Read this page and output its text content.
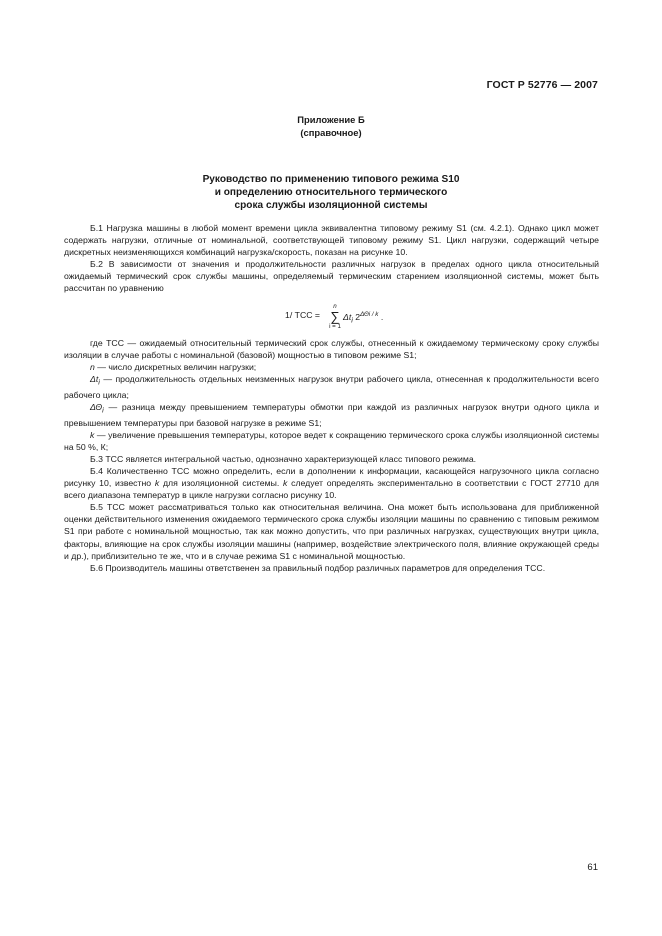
ГОСТ Р 52776 — 2007
Приложение Б
(справочное)
Руководство по применению типового режима S10
и определению относительного термического
срока службы изоляционной системы

Б.1 Нагрузка машины в любой момент времени цикла эквивалентна типовому режиму S1 (см. 4.2.1). Однако цикл может содержать нагрузки, отличные от номинальной, соответствующей типовому режиму S1. Цикл нагрузки, содержащий четыре дискретных неизменяющихся комбинаций нагрузка/скорость, показан на рисунке 10.

Б.2 В зависимости от значения и продолжительности различных нагрузок в пределах одного цикла относительный ожидаемый термический срок службы машины, определяемый термическим старением изоляционной системы, может быть рассчитан по уравнению

1/ ТСС =
n
∑
i = 1
$\Delta t_i$ $2^{\Delta\Theta i / k}$ .

где ТСС — ожидаемый относительный термический срок службы, отнесенный к ожидаемому термическому сроку службы изоляции в случае работы с номинальной (базовой) мощностью в типовом режиме S1;

n — число дискретных величин нагрузки;

$\Delta t_i$ — продолжительность отдельных неизменных нагрузок внутри рабочего цикла, отнесенная к продолжительности всего рабочего цикла;

$\Delta\Theta_i$ — разница между превышением температуры обмотки при каждой из различных нагрузок внутри одного цикла и превышением температуры при базовой нагрузке в режиме S1;

k — увеличение превышения температуры, которое ведет к сокращению термического срока службы изоляционной системы на 50 %, К;

Б.3 ТСС является интегральной частью, однозначно характеризующей класс типового режима.

Б.4 Количественно ТСС можно определить, если в дополнении к информации, касающейся нагрузочного цикла согласно рисунку 10, известно k для изоляционной системы. k следует определять экспериментально в соответствии с ГОСТ 27710 для всего диапазона температур в цикле нагрузки согласно рисунку 10.

Б.5 ТСС может рассматриваться только как относительная величина. Она может быть использована для приближенной оценки действительного изменения ожидаемого термического срока службы изоляции машины по сравнению с типовым режимом S1 при работе с номинальной мощностью, так как можно допустить, что при различных нагрузках, существующих внутри цикла, факторы, влияющие на срок службы изоляции машины (например, воздействие электрического поля, влияние окружающей среды и др.), приблизительно те же, что и в случае режима S1 с номинальной мощностью.

Б.6 Производитель машины ответственен за правильный подбор различных параметров для определения ТСС.

61
